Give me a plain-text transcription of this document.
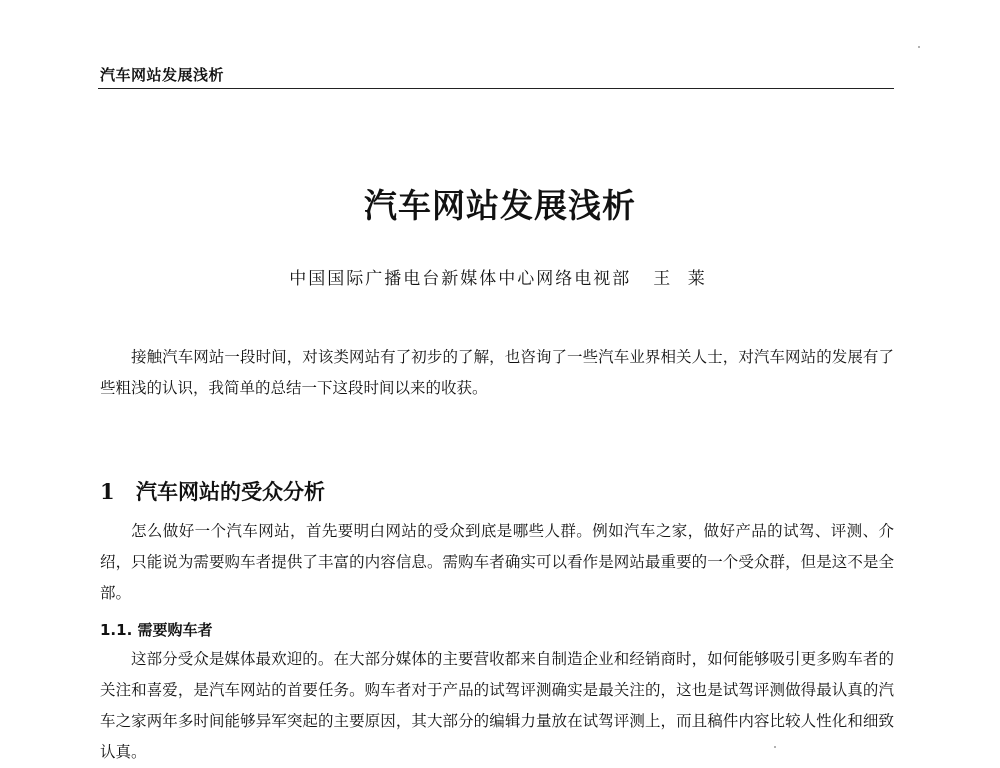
汽车网站发展浅析
汽车网站发展浅析
中国国际广播电台新媒体中心网络电视部 王 莱

接触汽车网站一段时间，对该类网站有了初步的了解，也咨询了一些汽车业界相关人士，对汽车网站的发展有了些粗浅的认识，我简单的总结一下这段时间以来的收获。

1 汽车网站的受众分析

怎么做好一个汽车网站，首先要明白网站的受众到底是哪些人群。例如汽车之家，做好产品的试驾、评测、介绍，只能说为需要购车者提供了丰富的内容信息。需购车者确实可以看作是网站最重要的一个受众群，但是这不是全部。

1.1. 需要购车者

这部分受众是媒体最欢迎的。在大部分媒体的主要营收都来自制造企业和经销商时，如何能够吸引更多购车者的关注和喜爱，是汽车网站的首要任务。购车者对于产品的试驾评测确实是最关注的，这也是试驾评测做得最认真的汽车之家两年多时间能够异军突起的主要原因，其大部分的编辑力量放在试驾评测上，而且稿件内容比较人性化和细致认真。
